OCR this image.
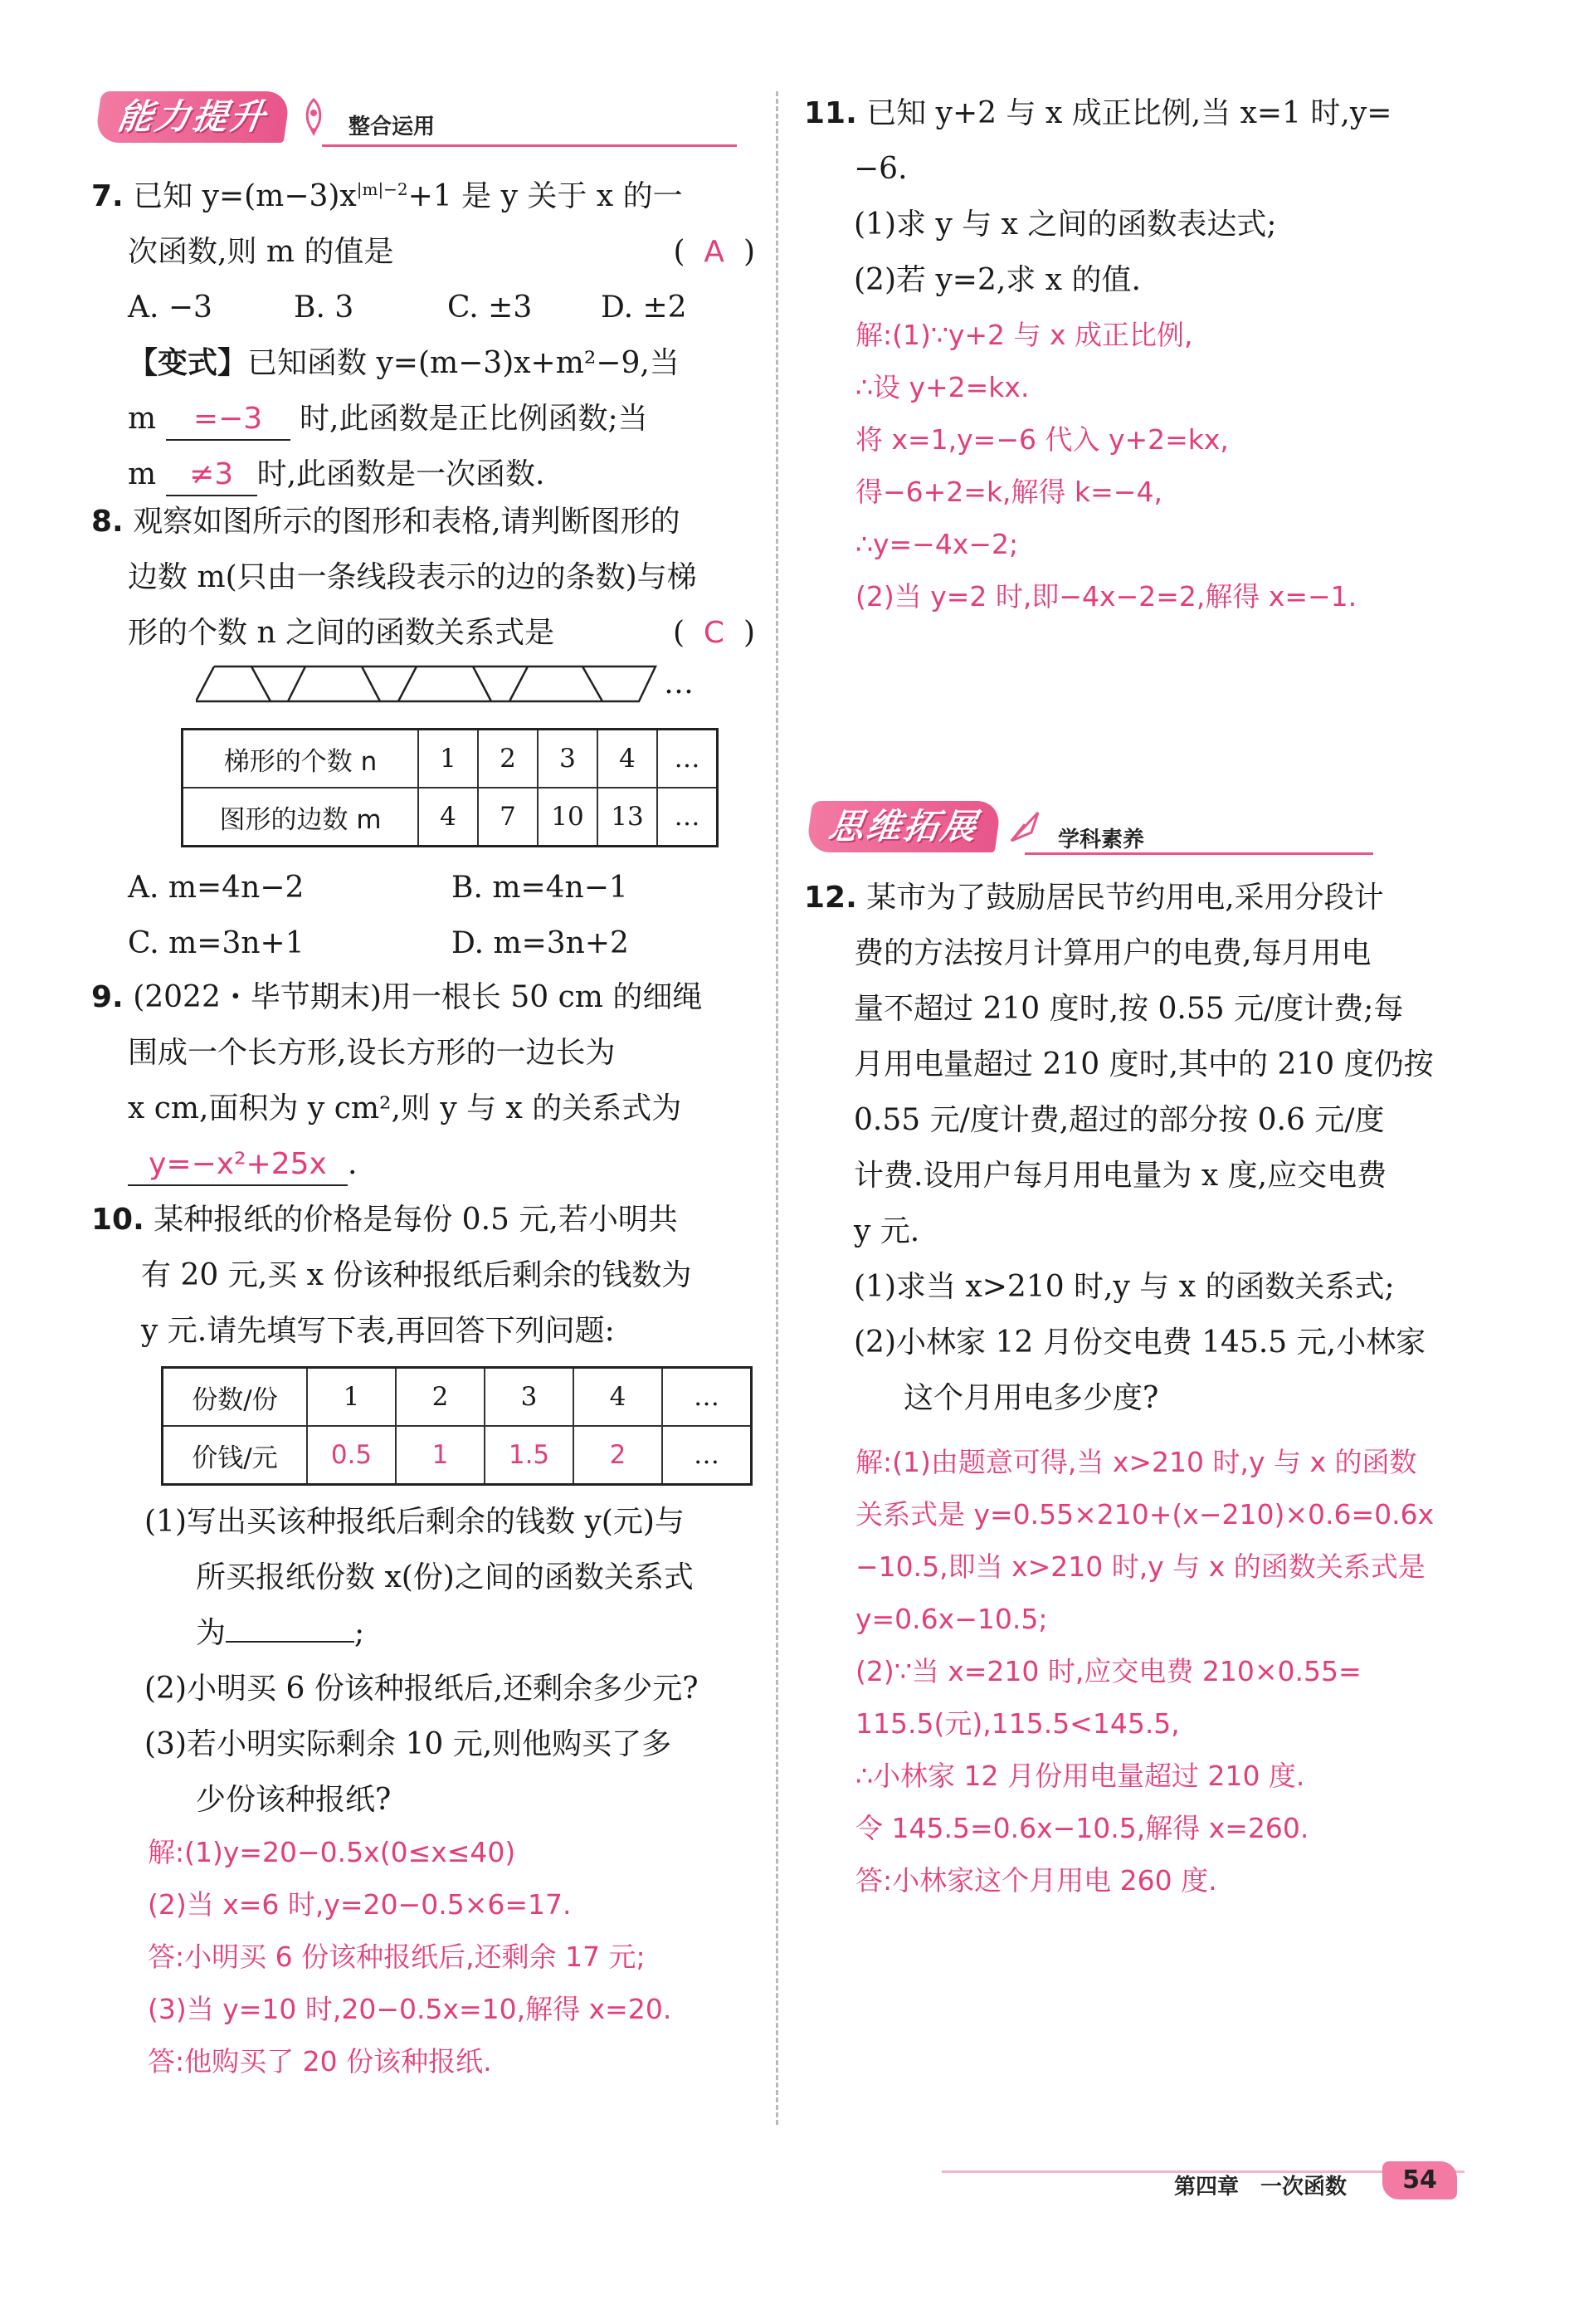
能力提升	整合运用
7. 已知 $y=(m-3)x^{|m|-2}+1$ 是 y 关于 x 的一
次函数,则 m 的值是	(  A  )
A. −3	B. 3	C. ±3 D. ±2
【变式】已知函数 y=(m−3)x+m²−9,当
m =−3 时,此函数是正比例函数;当
m ≠3 时,此函数是一次函数.
8. 观察如图所示的图形和表格,请判断图形的
边数 m(只由一条线段表示的边的条数)与梯
形的个数 n 之间的函数关系式是	(  C  )
…
梯形的个数 n	1	2	3	4	…
图形的边数 m	4	7	10	13	…
A. m=4n−2	B. m=4n−1
C. m=3n+1	D. m=3n+2
9. (2022・毕节期末)用一根长 50 cm 的细绳
围成一个长方形,设长方形的一边长为
x cm,面积为 y cm²,则 y 与 x 的关系式为
y=−x²+25x .
10. 某种报纸的价格是每份 0.5 元,若小明共
有 20 元,买 x 份该种报纸后剩余的钱数为
y 元.请先填写下表,再回答下列问题:
份数/份	1	2	3	4	…
价钱/元	0.5	1	1.5	2	…
(1)写出买该种报纸后剩余的钱数 y(元)与
所买报纸份数 x(份)之间的函数关系式
为	;
(2)小明买 6 份该种报纸后,还剩余多少元?
(3)若小明实际剩余 10 元,则他购买了多
少份该种报纸?
解:(1)y=20−0.5x(0≤x≤40)
(2)当 x=6 时,y=20−0.5×6=17.
答:小明买 6 份该种报纸后,还剩余 17 元;
(3)当 y=10 时,20−0.5x=10,解得 x=20.
答:他购买了 20 份该种报纸.
11. 已知 y+2 与 x 成正比例,当 x=1 时,y=
−6.
(1)求 y 与 x 之间的函数表达式;
(2)若 y=2,求 x 的值.
解:(1)∵y+2 与 x 成正比例,
∴设 y+2=kx.
将 x=1,y=−6 代入 y+2=kx,
得−6+2=k,解得 k=−4,
∴y=−4x−2;
(2)当 y=2 时,即−4x−2=2,解得 x=−1.
思维拓展	学科素养
12. 某市为了鼓励居民节约用电,采用分段计
费的方法按月计算用户的电费,每月用电
量不超过 210 度时,按 0.55 元/度计费;每
月用电量超过 210 度时,其中的 210 度仍按
0.55 元/度计费,超过的部分按 0.6 元/度
计费.设用户每月用电量为 x 度,应交电费
y 元.
(1)求当 x>210 时,y 与 x 的函数关系式;
(2)小林家 12 月份交电费 145.5 元,小林家
这个月用电多少度?
解:(1)由题意可得,当 x>210 时,y 与 x 的函数
关系式是 y=0.55×210+(x−210)×0.6=0.6x
−10.5,即当 x>210 时,y 与 x 的函数关系式是
y=0.6x−10.5;
(2)∵当 x=210 时,应交电费 210×0.55=
115.5(元),115.5<145.5,
∴小林家 12 月份用电量超过 210 度.
令 145.5=0.6x−10.5,解得 x=260.
答:小林家这个月用电 260 度.
第四章　一次函数	54
